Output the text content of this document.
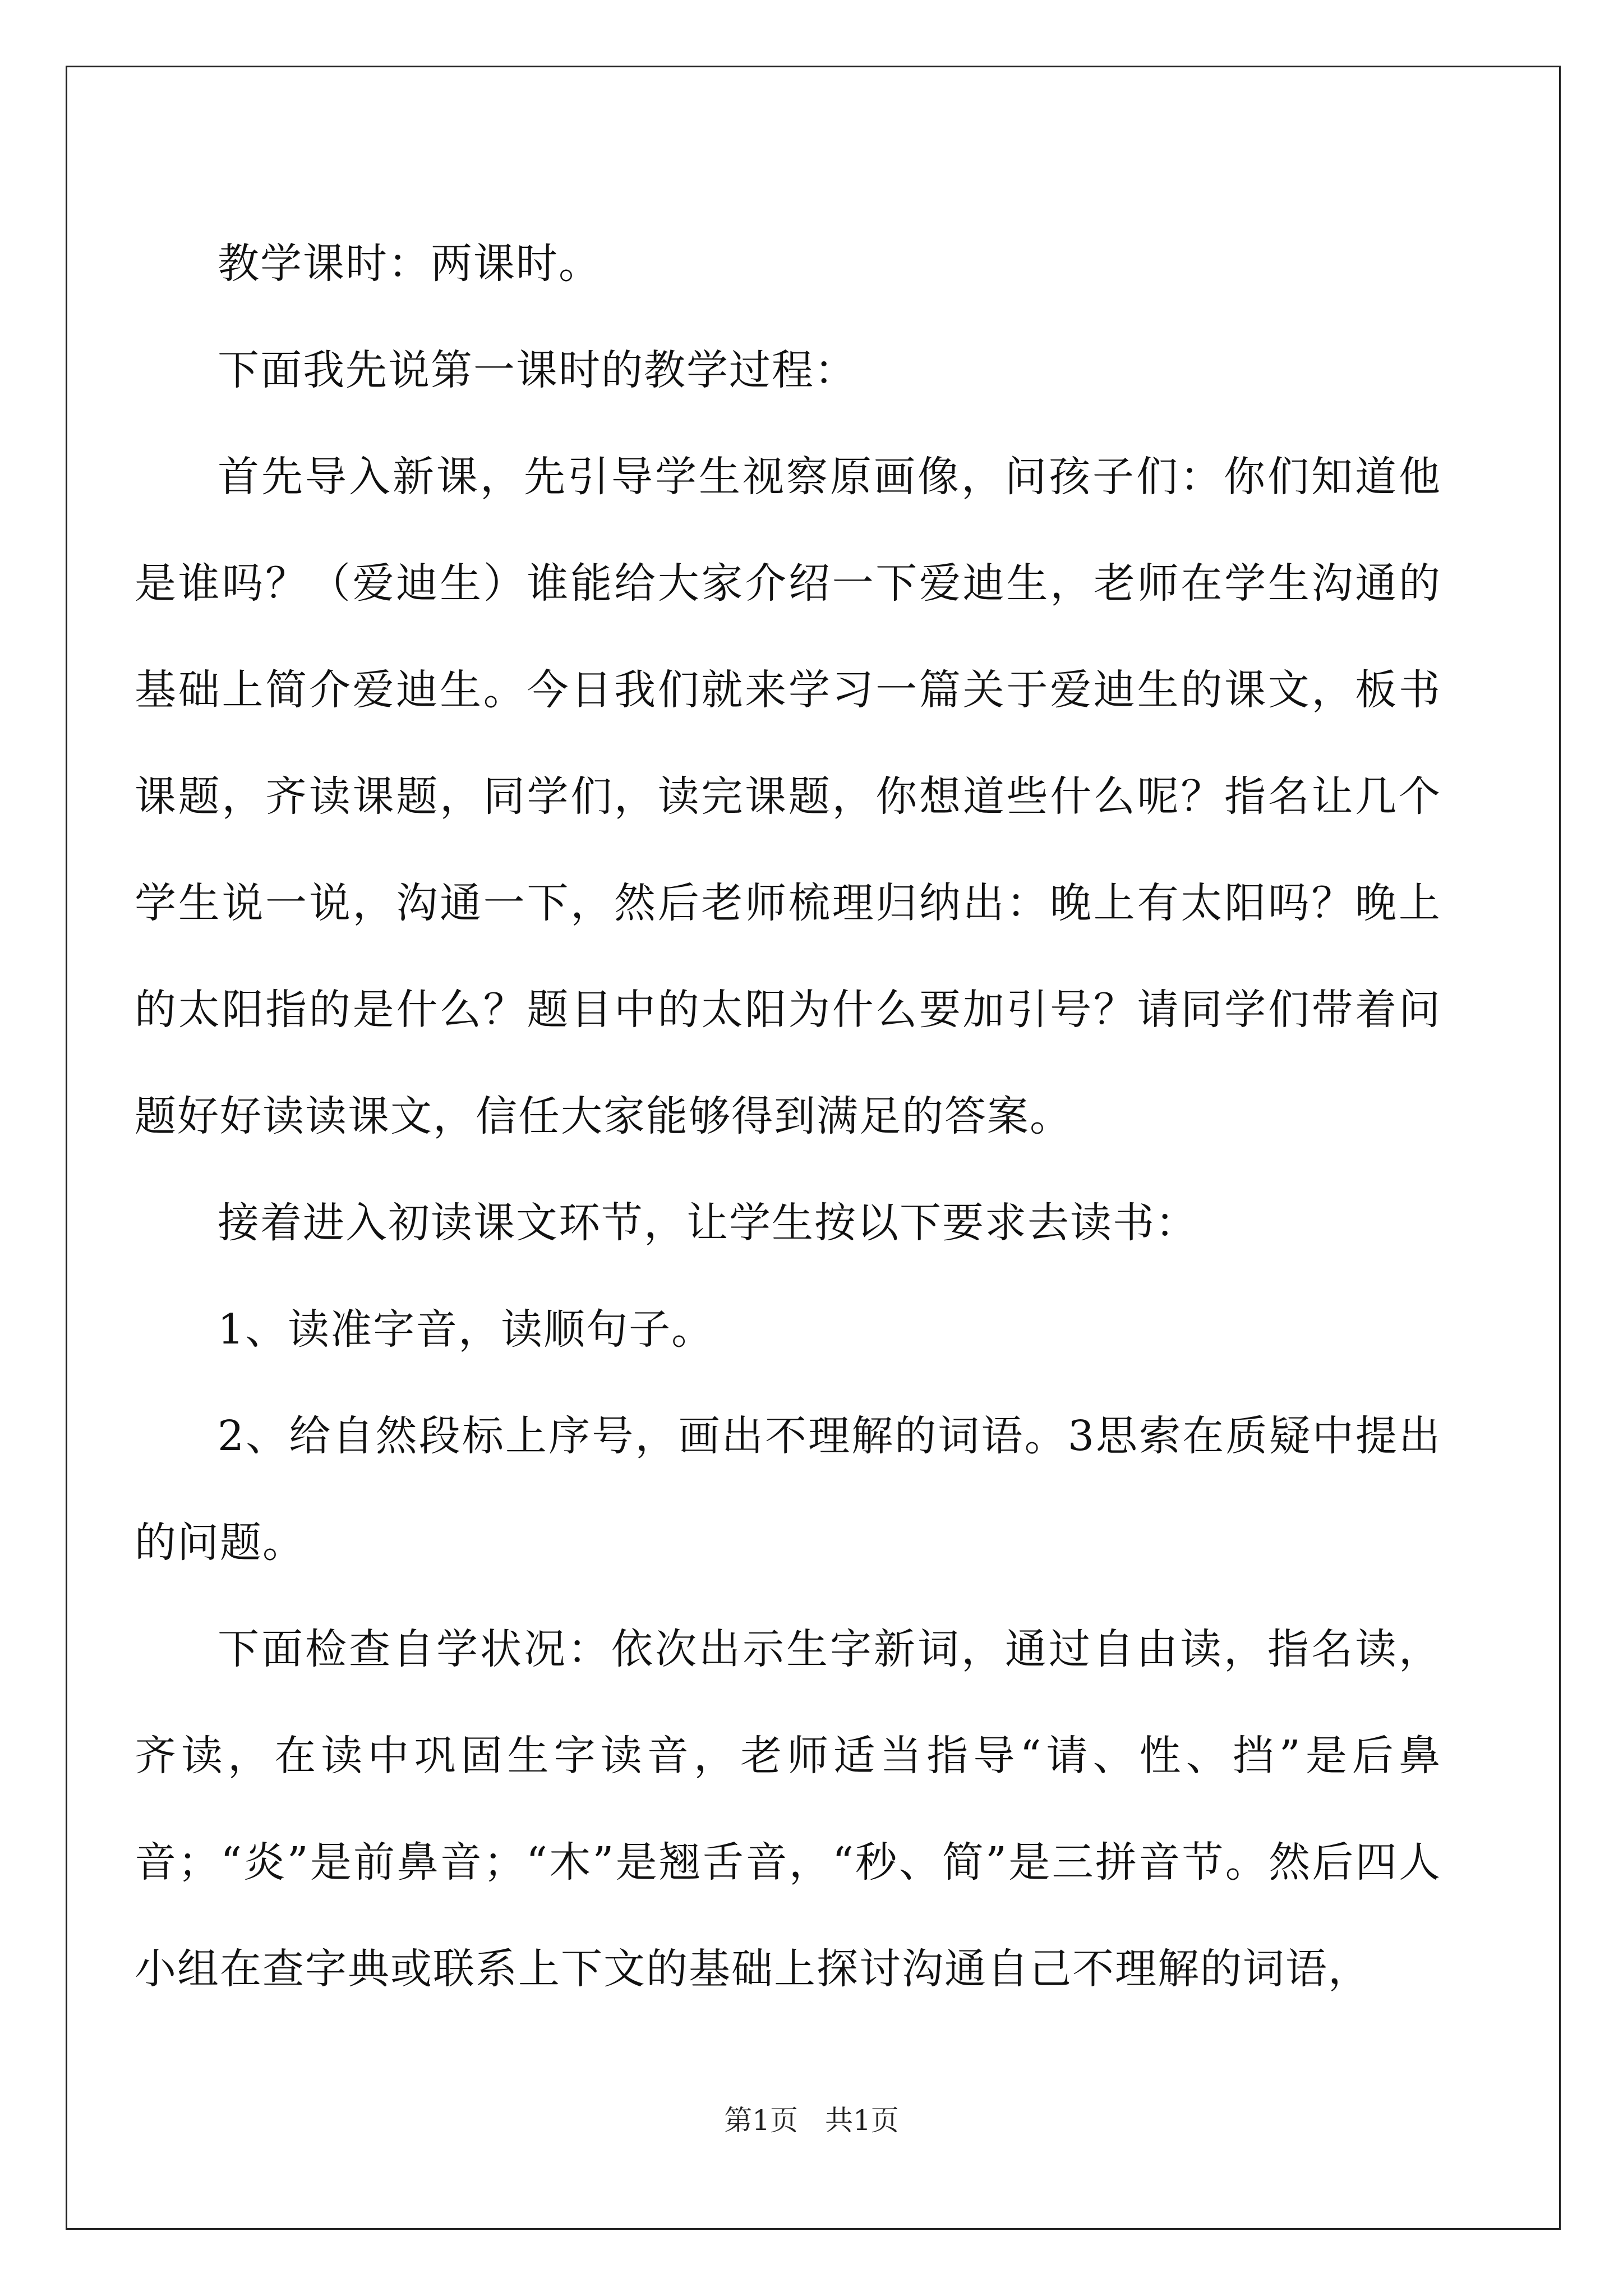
教学课时：两课时。

下面我先说第一课时的教学过程：

首先导入新课，先引导学生视察原画像，问孩子们：你们知道他是谁吗？（爱迪生）谁能给大家介绍一下爱迪生，老师在学生沟通的基础上简介爱迪生。今日我们就来学习一篇关于爱迪生的课文，板书课题，齐读课题，同学们，读完课题，你想道些什么呢？指名让几个学生说一说，沟通一下，然后老师梳理归纳出：晚上有太阳吗？晚上的太阳指的是什么？题目中的太阳为什么要加引号？请同学们带着问题好好读读课文，信任大家能够得到满足的答案。

接着进入初读课文环节，让学生按以下要求去读书：

1、读准字音，读顺句子。

2、给自然段标上序号，画出不理解的词语。3思索在质疑中提出的问题。

下面检查自学状况：依次出示生字新词，通过自由读，指名读，齐读，在读中巩固生字读音，老师适当指导“请、性、挡”是后鼻音；“炎”是前鼻音；“木”是翘舌音，“秒、简”是三拼音节。然后四人小组在查字典或联系上下文的基础上探讨沟通自己不理解的词语，

第1页 共1页
